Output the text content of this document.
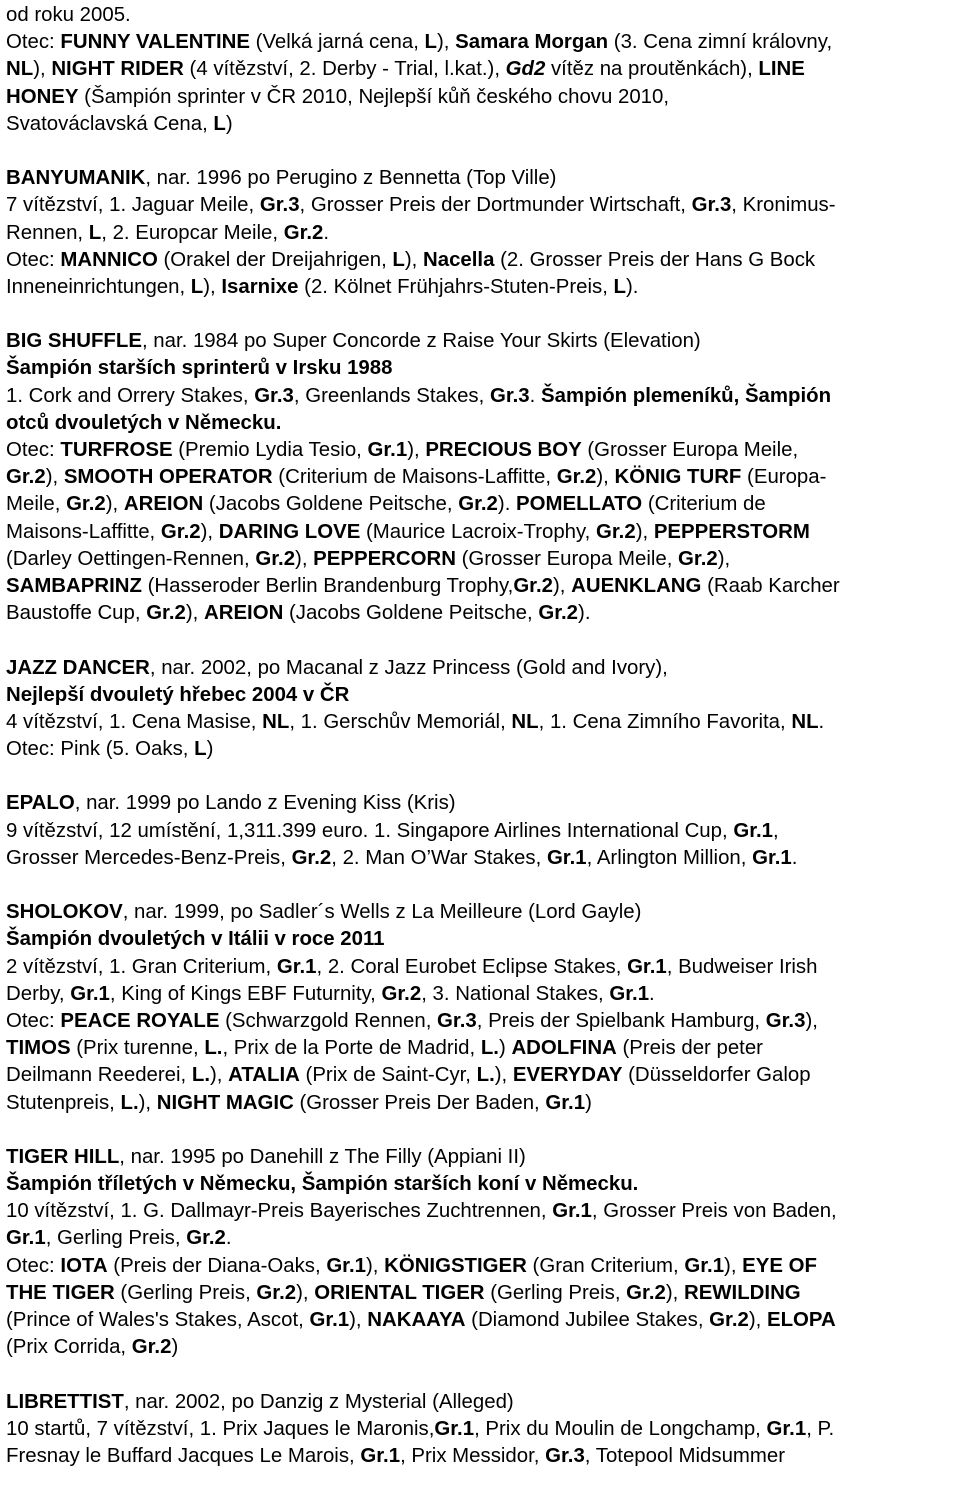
od roku 2005.
Otec: FUNNY VALENTINE (Velká jarná cena, L), Samara Morgan (3. Cena zimní královny,
NL), NIGHT RIDER (4 vítězství, 2. Derby - Trial, l.kat.), Gd2 vítěz na proutěnkách), LINE
HONEY (Šampión sprinter v ČR 2010, Nejlepší kůň českého chovu 2010,
Svatováclavská Cena, L)
BANYUMANIK, nar. 1996 po Perugino z Bennetta (Top Ville)
7 vítězství, 1. Jaguar Meile, Gr.3, Grosser Preis der Dortmunder Wirtschaft, Gr.3, Kronimus-
Rennen, L, 2. Europcar Meile, Gr.2.
Otec: MANNICO (Orakel der Dreijahrigen, L), Nacella (2. Grosser Preis der Hans G Bock
Inneneinrichtungen, L), Isarnixe (2. Kölnet Frühjahrs-Stuten-Preis, L).
BIG SHUFFLE, nar. 1984 po Super Concorde z Raise Your Skirts (Elevation)
Šampión starších sprinterů v Irsku 1988
1. Cork and Orrery Stakes, Gr.3, Greenlands Stakes, Gr.3. Šampión plemeníků, Šampión
otců dvouletých v Německu.
Otec: TURFROSE (Premio Lydia Tesio, Gr.1), PRECIOUS BOY (Grosser Europa Meile,
Gr.2), SMOOTH OPERATOR (Criterium de Maisons-Laffitte, Gr.2), KÖNIG TURF (Europa-
Meile, Gr.2), AREION (Jacobs Goldene Peitsche, Gr.2). POMELLATO (Criterium de
Maisons-Laffitte, Gr.2), DARING LOVE (Maurice Lacroix-Trophy, Gr.2), PEPPERSTORM
(Darley Oettingen-Rennen, Gr.2), PEPPERCORN (Grosser Europa Meile, Gr.2),
SAMBAPRINZ (Hasseroder Berlin Brandenburg Trophy,Gr.2), AUENKLANG (Raab Karcher
Baustoffe Cup, Gr.2), AREION (Jacobs Goldene Peitsche, Gr.2).
JAZZ DANCER, nar. 2002, po Macanal z Jazz Princess (Gold and Ivory),
Nejlepší dvouletý hřebec 2004 v ČR
4 vítězství, 1. Cena Masise, NL, 1. Gerschův Memoriál, NL, 1. Cena Zimního Favorita, NL.
Otec: Pink (5. Oaks, L)
EPALO, nar. 1999 po Lando z Evening Kiss (Kris)
9 vítězství, 12 umístění, 1,311.399 euro. 1. Singapore Airlines International Cup, Gr.1,
Grosser Mercedes-Benz-Preis, Gr.2, 2. Man O’War Stakes, Gr.1, Arlington Million, Gr.1.
SHOLOKOV, nar. 1999, po Sadler´s Wells z La Meilleure (Lord Gayle)
Šampión dvouletých v Itálii v roce 2011
2 vítězství, 1. Gran Criterium, Gr.1, 2. Coral Eurobet Eclipse Stakes, Gr.1, Budweiser Irish
Derby, Gr.1, King of Kings EBF Futurnity, Gr.2, 3. National Stakes, Gr.1.
Otec: PEACE ROYALE (Schwarzgold Rennen, Gr.3, Preis der Spielbank Hamburg, Gr.3),
TIMOS (Prix turenne, L., Prix de la Porte de Madrid, L.) ADOLFINA (Preis der peter
Deilmann Reederei, L.), ATALIA (Prix de Saint-Cyr, L.), EVERYDAY (Düsseldorfer Galop
Stutenpreis, L.), NIGHT MAGIC (Grosser Preis Der Baden, Gr.1)
TIGER HILL, nar. 1995 po Danehill z The Filly (Appiani II)
Šampión tříletých v Německu, Šampión starších koní v Německu.
10 vítězství, 1. G. Dallmayr-Preis Bayerisches Zuchtrennen, Gr.1, Grosser Preis von Baden,
Gr.1, Gerling Preis, Gr.2.
Otec: IOTA (Preis der Diana-Oaks, Gr.1), KÖNIGSTIGER (Gran Criterium, Gr.1), EYE OF
THE TIGER (Gerling Preis, Gr.2), ORIENTAL TIGER (Gerling Preis, Gr.2), REWILDING
(Prince of Wales's Stakes, Ascot, Gr.1), NAKAAYA (Diamond Jubilee Stakes, Gr.2), ELOPA
(Prix Corrida, Gr.2)
LIBRETTIST, nar. 2002, po Danzig z Mysterial (Alleged)
10 startů, 7 vítězství, 1. Prix Jaques le Maronis,Gr.1, Prix du Moulin de Longchamp, Gr.1, P.
Fresnay le Buffard Jacques Le Marois, Gr.1, Prix Messidor, Gr.3, Totepool Midsummer
